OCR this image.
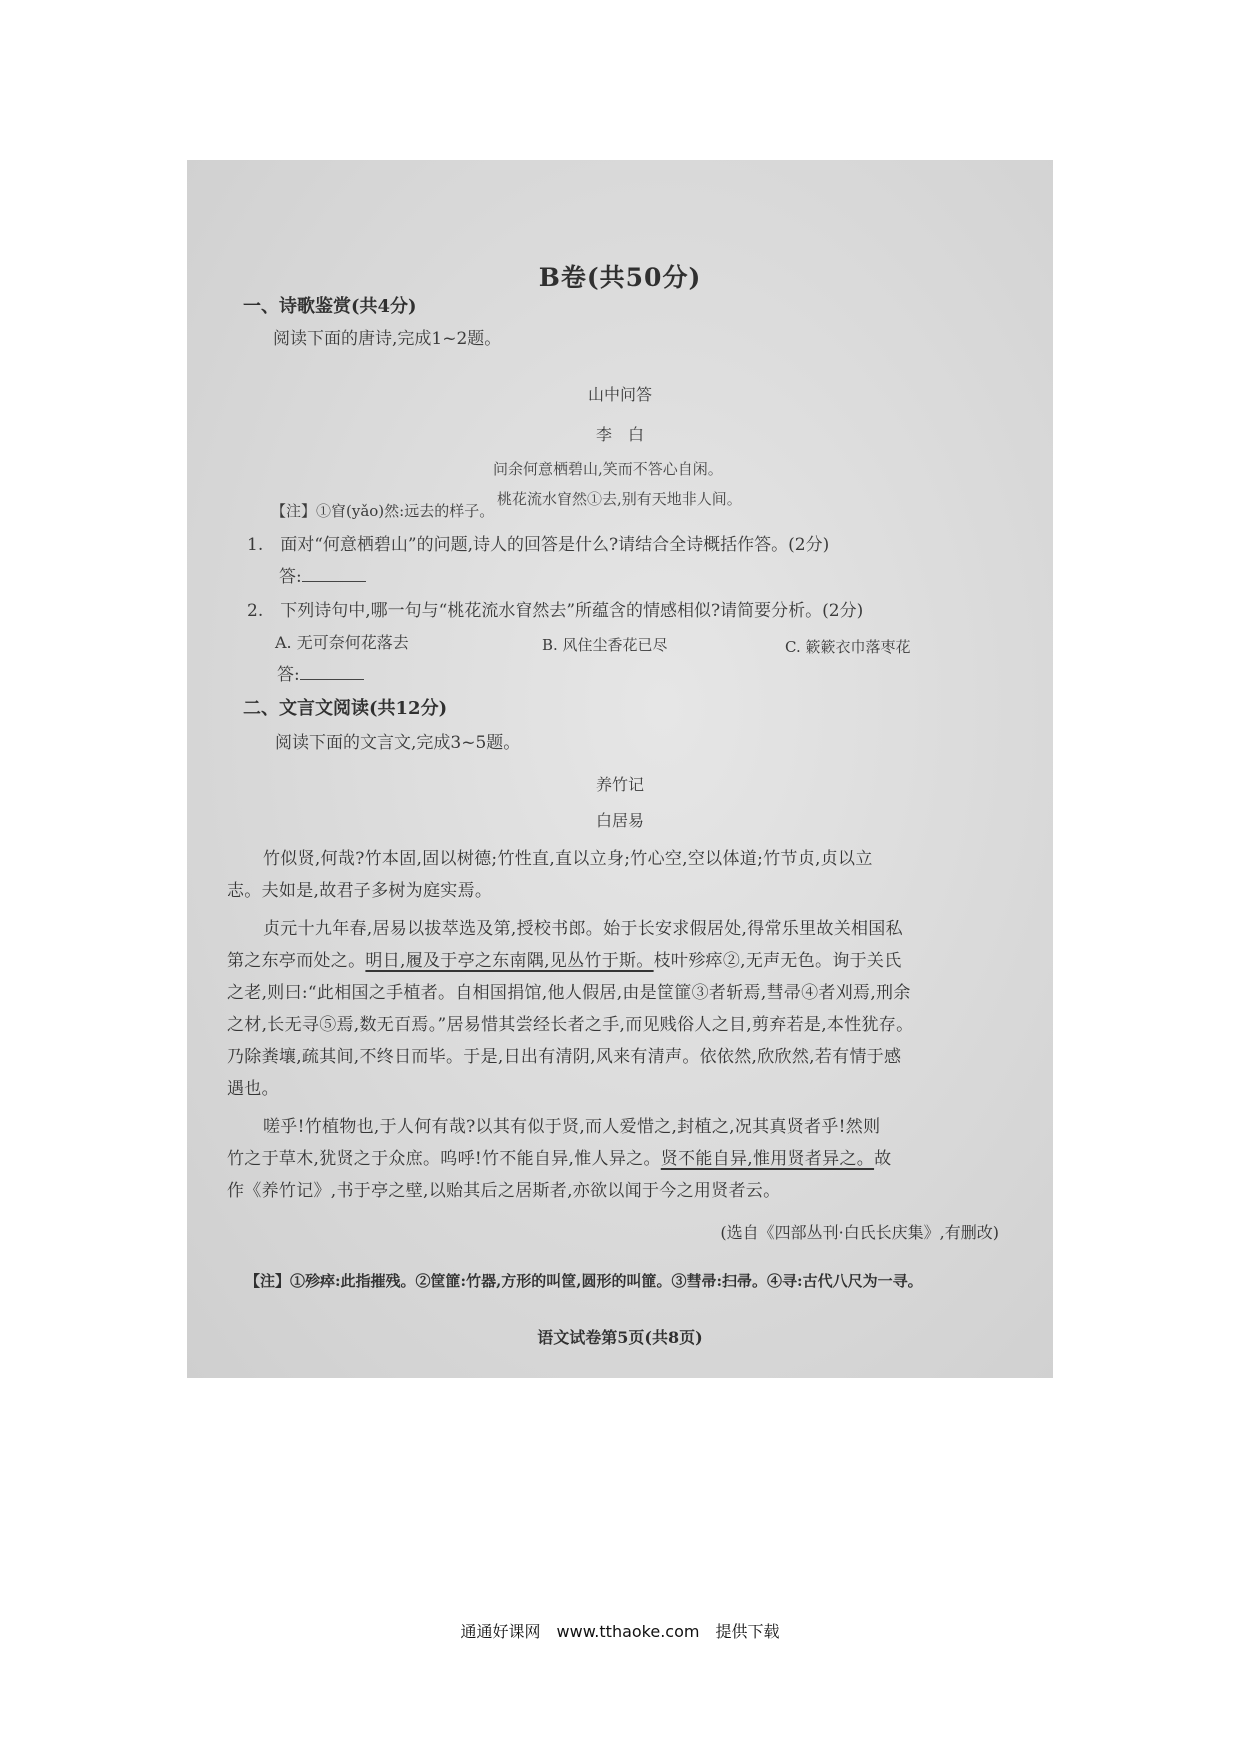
B卷(共50分)
一、诗歌鉴赏(共4分)
阅读下面的唐诗,完成1~2题。
山中问答
李　白
问余何意栖碧山,笑而不答心自闲。
桃花流水窅然①去,别有天地非人间。
【注】①窅(yǎo)然:远去的样子。
1.　面对“何意栖碧山”的问题,诗人的回答是什么?请结合全诗概括作答。(2分)
答:
2.　下列诗句中,哪一句与“桃花流水窅然去”所蕴含的情感相似?请简要分析。(2分)
A. 无可奈何花落去	B. 风住尘香花已尽	C. 簌簌衣巾落枣花
答:
二、文言文阅读(共12分)
阅读下面的文言文,完成3~5题。
养竹记
白居易
竹似贤,何哉?竹本固,固以树德;竹性直,直以立身;竹心空,空以体道;竹节贞,贞以立
志。夫如是,故君子多树为庭实焉。
贞元十九年春,居易以拔萃选及第,授校书郎。始于长安求假居处,得常乐里故关相国私
第之东亭而处之。明日,履及于亭之东南隅,见丛竹于斯。枝叶殄瘁②,无声无色。询于关氏
之老,则曰:“此相国之手植者。自相国捐馆,他人假居,由是筐篚③者斩焉,彗帚④者刈焉,刑余
之材,长无寻⑤焉,数无百焉。”居易惜其尝经长者之手,而见贱俗人之目,剪弃若是,本性犹存。
乃除粪壤,疏其间,不终日而毕。于是,日出有清阴,风来有清声。依依然,欣欣然,若有情于感
遇也。
嗟乎!竹植物也,于人何有哉?以其有似于贤,而人爱惜之,封植之,况其真贤者乎!然则
竹之于草木,犹贤之于众庶。呜呼!竹不能自异,惟人异之。贤不能自异,惟用贤者异之。故
作《养竹记》,书于亭之壁,以贻其后之居斯者,亦欲以闻于今之用贤者云。
(选自《四部丛刊·白氏长庆集》,有删改)
【注】①殄瘁:此指摧残。②筐篚:竹器,方形的叫筐,圆形的叫篚。③彗帚:扫帚。④寻:古代八尺为一寻。
语文试卷第5页(共8页)
通通好课网　www.tthaoke.com　提供下载
